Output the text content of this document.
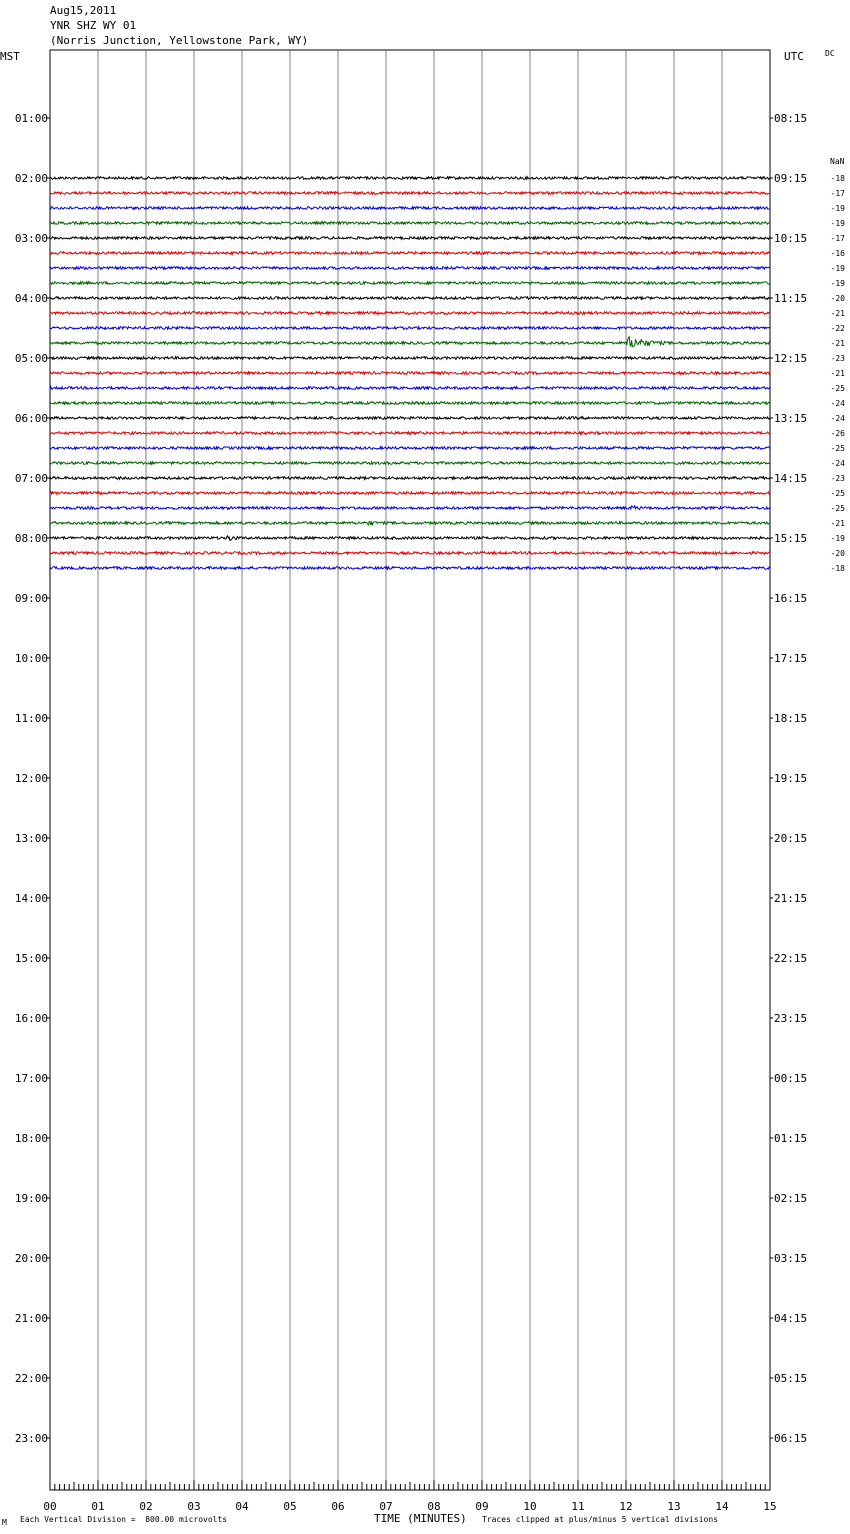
Aug15,2011
YNR SHZ WY 01
(Norris Junction, Yellowstone Park, WY)
MST	UTC	DC
NaN
01:00
02:00
03:00
04:00
05:00
06:00
07:00
08:00
09:00
10:00
11:00
12:00
13:00
14:00
15:00
16:00
17:00
18:00
19:00
20:00
21:00
22:00
23:00
08:15
09:15
10:15
11:15
12:15
13:15
14:15
15:15
16:15
17:15
18:15
19:15
20:15
21:15
22:15
23:15
00:15
01:15
02:15
03:15
04:15
05:15
06:15
00	01	02	03	04	05	06	07	08	09	10	11	12	13	14	15
-18
-17
-19
-19
-17
-16
-19
-19
-20
-21
-22
-21
-23
-21
-25
-24
-24
-26
-25
-24
-23
-25
-25
-21
-19
-20
-18
M Each Vertical Division =  800.00 microvolts	TIME (MINUTES) Traces clipped at plus/minus 5 vertical divisions
